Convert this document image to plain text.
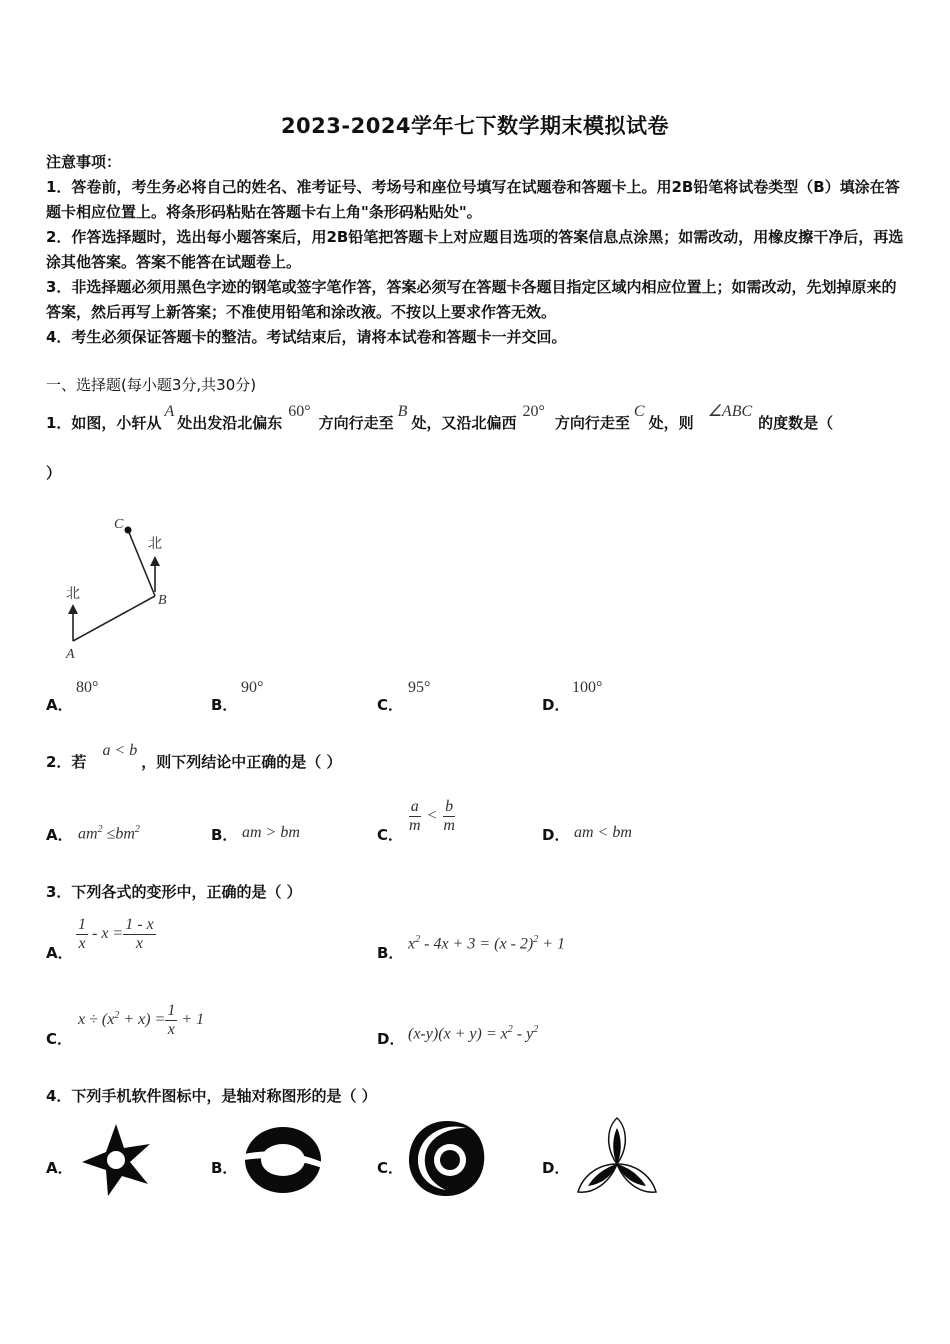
2023-2024学年七下数学期末模拟试卷

注意事项：

1．答卷前，考生务必将自己的姓名、准考证号、考场号和座位号填写在试题卷和答题卡上。用2B铅笔将试卷类型（B）填涂在答题卡相应位置上。将条形码粘贴在答题卡右上角"条形码粘贴处"。

2．作答选择题时，选出每小题答案后，用2B铅笔把答题卡上对应题目选项的答案信息点涂黑；如需改动，用橡皮擦干净后，再选涂其他答案。答案不能答在试题卷上。

3．非选择题必须用黑色字迹的钢笔或签字笔作答，答案必须写在答题卡各题目指定区域内相应位置上；如需改动，先划掉原来的答案，然后再写上新答案；不准使用铅笔和涂改液。不按以上要求作答无效。

4．考生必须保证答题卡的整洁。考试结束后，请将本试卷和答题卡一并交回。

一、选择题(每小题3分,共30分)
1．如图，小轩从A处出发沿北偏东60°方向行走至B处，又沿北偏西20°方向行走至C处，则∠ABC的度数是（
）
北
北
A
B
C
A．
80°
B．
90°
C．
95°
D．
100°
2．若a < b，则下列结论中正确的是（ ）
A． $am^2 \le bm^2$	B． am > bm	C． $\frac{a}{m} < \frac{b}{m}$	D． am < bm
3．下列各式的变形中，正确的是（ ）
A． $\frac{1}{x} - x = \frac{1 - x}{x}$	B．
$x^2 - 4x + 3 = (x - 2)^2 + 1$
C．
$x \div (x^2 + x) = \frac{1}{x} + 1$
D． $(x-y)(x + y) = x^2 - y^2$
4．下列手机软件图标中，是轴对称图形的是（ ）
A．	B．	C．	D．
